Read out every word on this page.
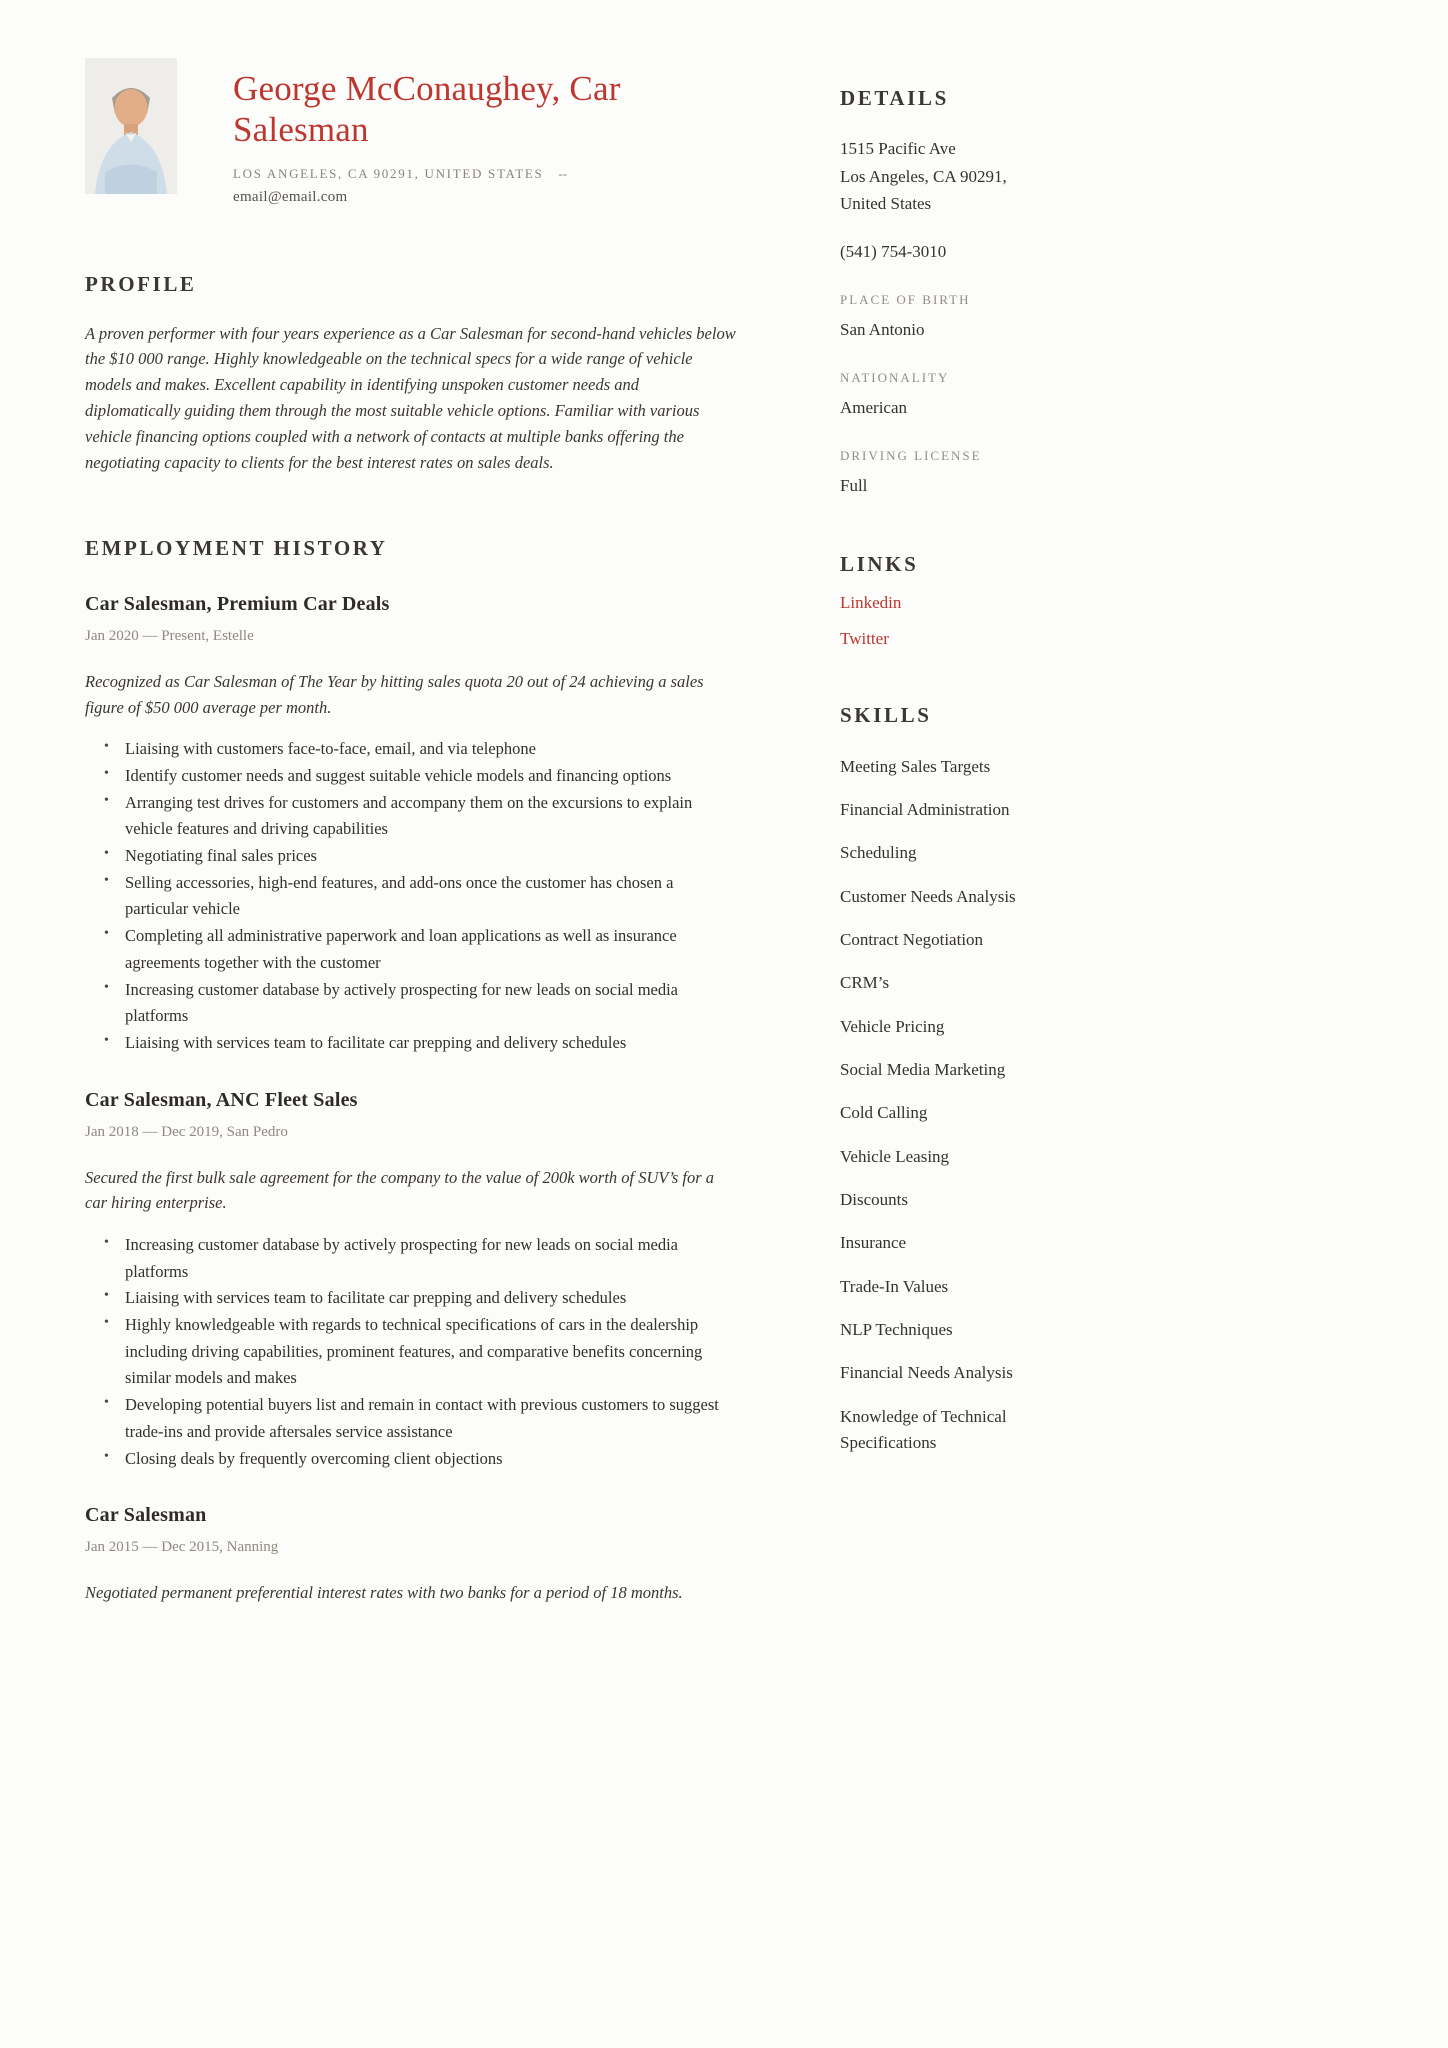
George McConaughey, Car Salesman
LOS ANGELES, CA 90291, UNITED STATES --
email@email.com
PROFILE

A proven performer with four years experience as a Car Salesman for second-hand vehicles below the $10 000 range. Highly knowledgeable on the technical specs for a wide range of vehicle models and makes. Excellent capability in identifying unspoken customer needs and diplomatically guiding them through the most suitable vehicle options. Familiar with various vehicle financing options coupled with a network of contacts at multiple banks offering the negotiating capacity to clients for the best interest rates on sales deals.

EMPLOYMENT HISTORY
Car Salesman, Premium Car Deals
Jan 2020 — Present, Estelle

Recognized as Car Salesman of The Year by hitting sales quota 20 out of 24 achieving a sales figure of $50 000 average per month.

• Liaising with customers face-to-face, email, and via telephone
• Identify customer needs and suggest suitable vehicle models and financing options
• Arranging test drives for customers and accompany them on the excursions to explain vehicle features and driving capabilities
• Negotiating final sales prices
• Selling accessories, high-end features, and add-ons once the customer has chosen a particular vehicle
• Completing all administrative paperwork and loan applications as well as insurance agreements together with the customer
• Increasing customer database by actively prospecting for new leads on social media platforms
• Liaising with services team to facilitate car prepping and delivery schedules
Car Salesman, ANC Fleet Sales
Jan 2018 — Dec 2019, San Pedro

Secured the first bulk sale agreement for the company to the value of 200k worth of SUV’s for a car hiring enterprise.

• Increasing customer database by actively prospecting for new leads on social media platforms
• Liaising with services team to facilitate car prepping and delivery schedules
• Highly knowledgeable with regards to technical specifications of cars in the dealership including driving capabilities, prominent features, and comparative benefits concerning similar models and makes
• Developing potential buyers list and remain in contact with previous customers to suggest trade-ins and provide aftersales service assistance
• Closing deals by frequently overcoming client objections
Car Salesman
Jan 2015 — Dec 2015, Nanning

Negotiated permanent preferential interest rates with two banks for a period of 18 months.

DETAILS
1515 Pacific Ave
Los Angeles, CA 90291,
United States
(541) 754-3010
PLACE OF BIRTH
San Antonio
NATIONALITY
American
DRIVING LICENSE
Full
LINKS
Linkedin
Twitter
SKILLS
Meeting Sales Targets
Financial Administration
Scheduling
Customer Needs Analysis
Contract Negotiation
CRM’s
Vehicle Pricing
Social Media Marketing
Cold Calling
Vehicle Leasing
Discounts
Insurance
Trade-In Values
NLP Techniques
Financial Needs Analysis
Knowledge of Technical Specifications
